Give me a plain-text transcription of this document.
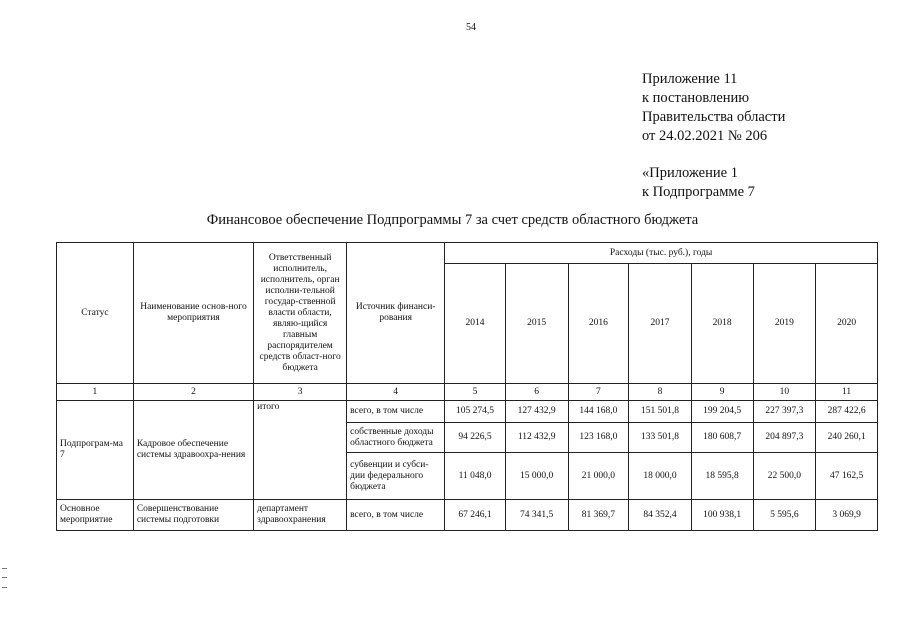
54
Приложение 11
к постановлению
Правительства области
от 24.02.2021 № 206
«Приложение 1
к Подпрограмме 7
Финансовое обеспечение Подпрограммы 7 за счет средств областного бюджета
Статус	Наименование основ-ного мероприятия	Ответственный исполнитель, исполнитель, орган исполни-тельной государ-ственной власти области, являю-щийся главным распорядителем средств област-ного бюджета	Источник финанси-рования	Расходы (тыс. руб.), годы						
				2014	2015	2016	2017	2018	2019	2020
1	2	3	4	5	6	7	8	9	10	11
Подпрограм-ма 7	Кадровое обеспечение системы здравоохра-нения	итого	всего, в том числе	105 274,5	127 432,9	144 168,0	151 501,8	199 204,5	227 397,3	287 422,6
			собственные доходы областного бюджета	94 226,5	112 432,9	123 168,0	133 501,8	180 608,7	204 897,3	240 260,1
			субвенции и субси-дии федерального бюджета	11 048,0	15 000,0	21 000,0	18 000,0	18 595,8	22 500,0	47 162,5
Основное мероприятие	Совершенствование системы подготовки	департамент здравоохранения	всего, в том числе	67 246,1	74 341,5	81 369,7	84 352,4	100 938,1	5 595,6	3 069,9
